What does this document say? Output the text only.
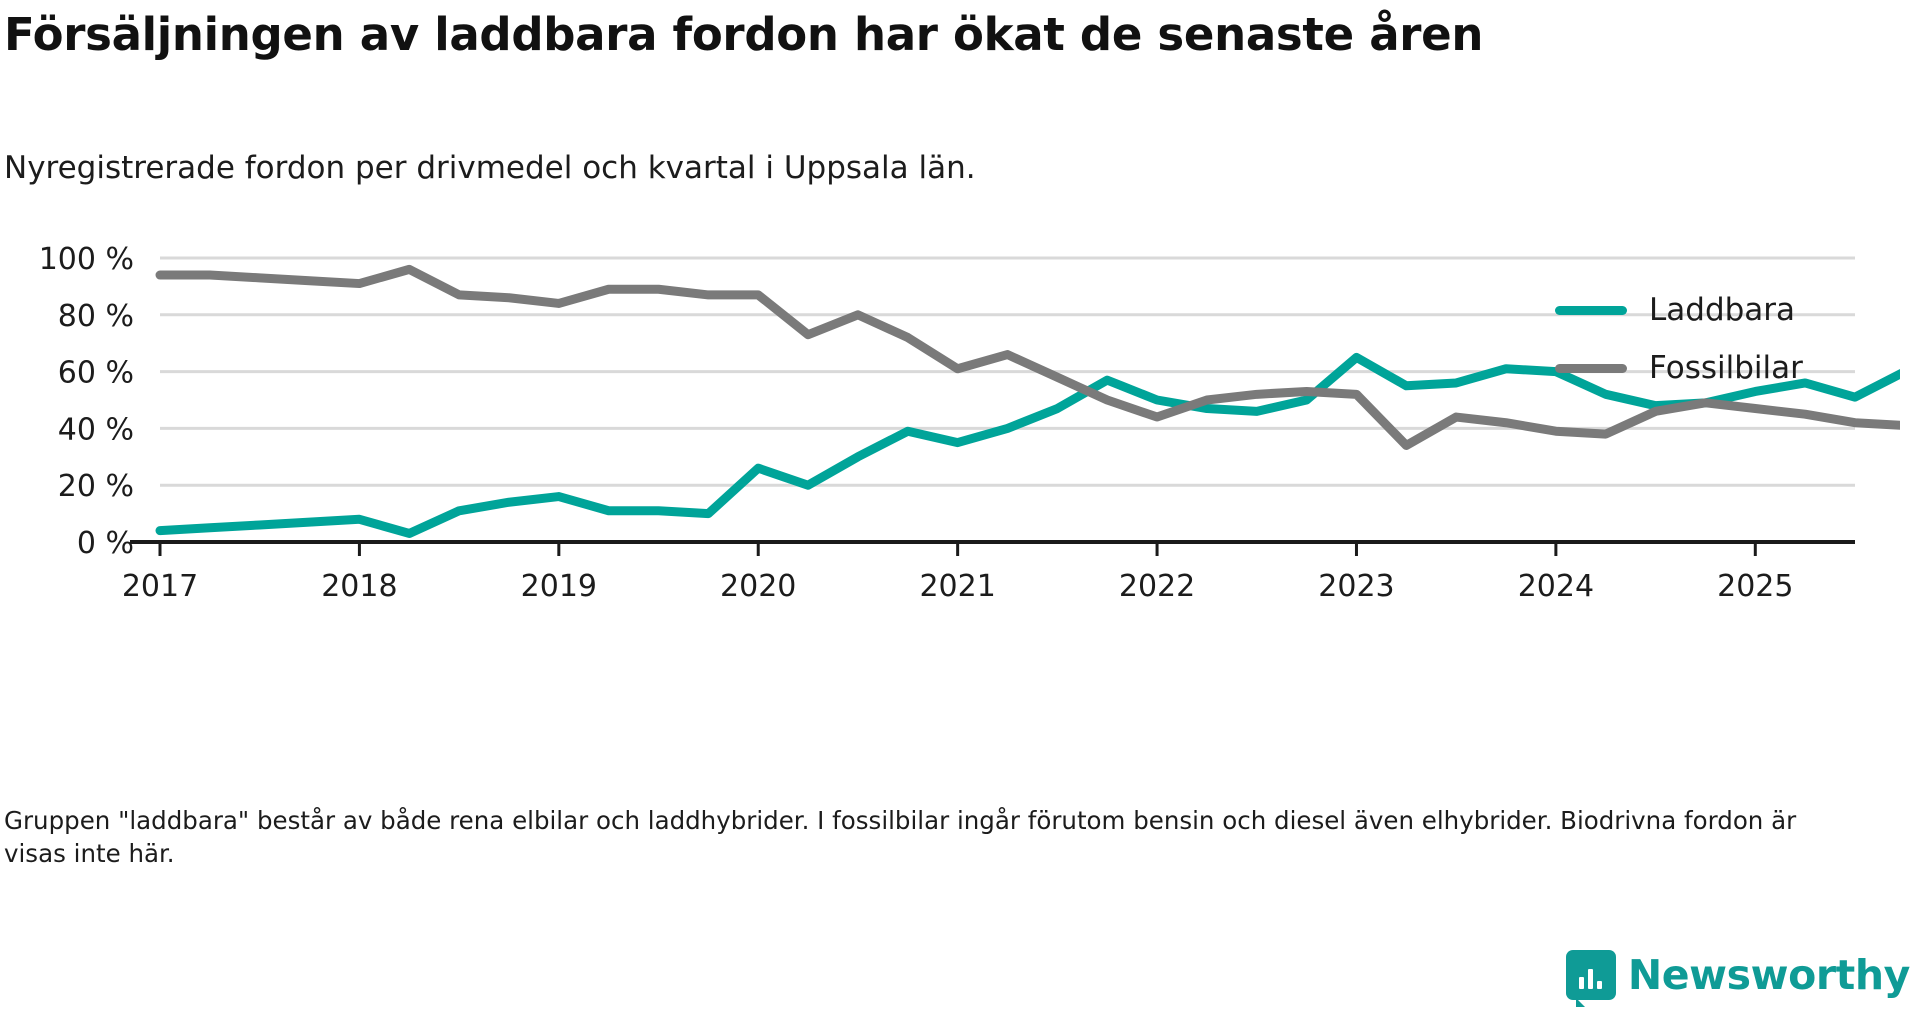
Försäljningen av laddbara fordon har ökat de senaste åren
Nyregistrerade fordon per drivmedel och kvartal i Uppsala län.
0 %
20 %
40 %
60 %
80 %
100 %
2017	2018	2019	2020	2021	2022	2023	2024	2025
Laddbara
Fossilbilar
Gruppen "laddbara" består av både rena elbilar och laddhybrider. I fossilbilar ingår förutom bensin och diesel även elhybrider. Biodrivna fordon är visas inte här.
Newsworthy
